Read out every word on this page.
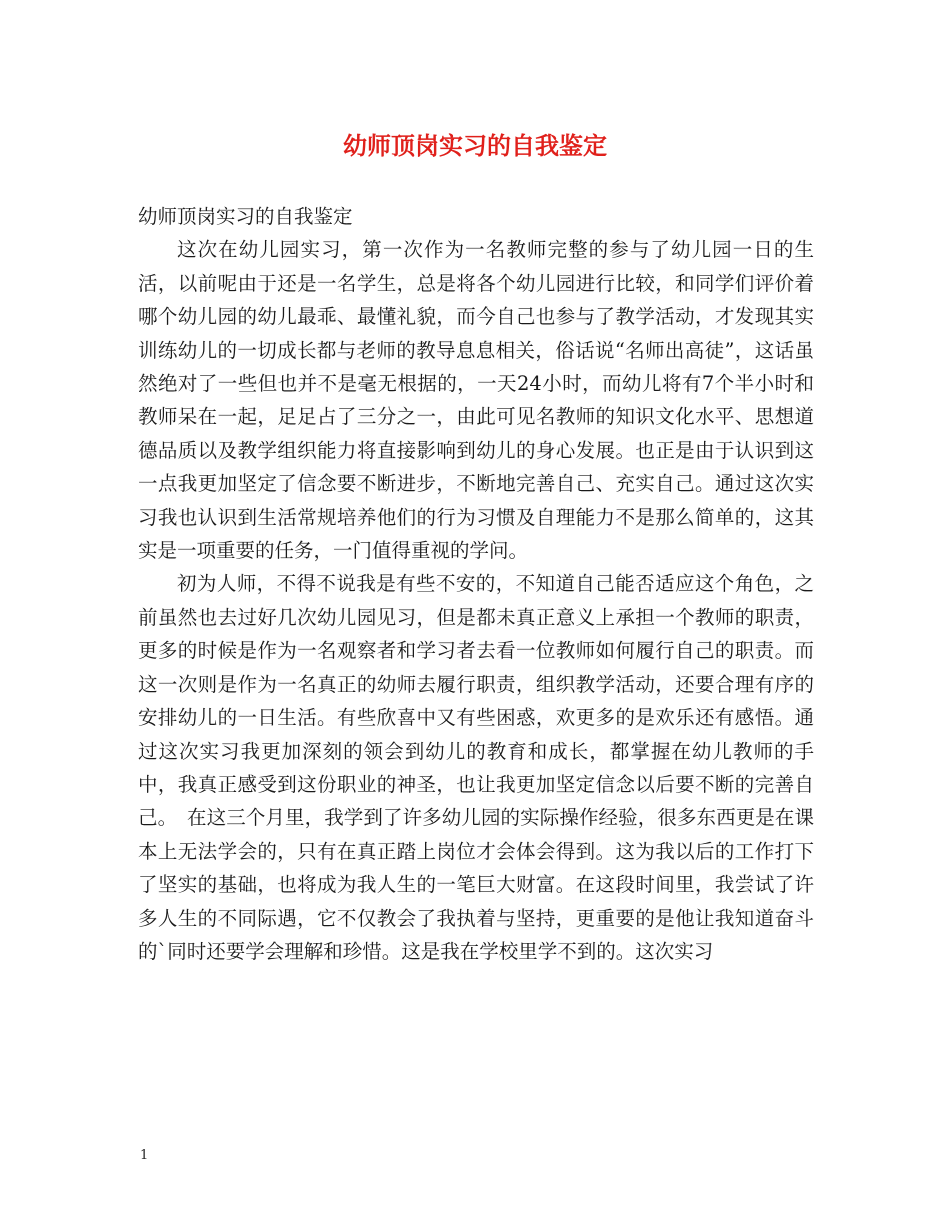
幼师顶岗实习的自我鉴定

幼师顶岗实习的自我鉴定

这次在幼儿园实习，第一次作为一名教师完整的参与了幼儿园一日的生活，以前呢由于还是一名学生，总是将各个幼儿园进行比较，和同学们评价着哪个幼儿园的幼儿最乖、最懂礼貌，而今自己也参与了教学活动，才发现其实训练幼儿的一切成长都与老师的教导息息相关，俗话说“名师出高徒”，这话虽然绝对了一些但也并不是毫无根据的，一天24小时，而幼儿将有7个半小时和教师呆在一起，足足占了三分之一，由此可见名教师的知识文化水平、思想道德品质以及教学组织能力将直接影响到幼儿的身心发展。也正是由于认识到这一点我更加坚定了信念要不断进步，不断地完善自己、充实自己。通过这次实习我也认识到生活常规培养他们的行为习惯及自理能力不是那么简单的，这其实是一项重要的任务，一门值得重视的学问。

初为人师，不得不说我是有些不安的，不知道自己能否适应这个角色，之前虽然也去过好几次幼儿园见习，但是都未真正意义上承担一个教师的职责，更多的时候是作为一名观察者和学习者去看一位教师如何履行自己的职责。而这一次则是作为一名真正的幼师去履行职责，组织教学活动，还要合理有序的安排幼儿的一日生活。有些欣喜中又有些困惑，欢更多的是欢乐还有感悟。通过这次实习我更加深刻的领会到幼儿的教育和成长，都掌握在幼儿教师的手中，我真正感受到这份职业的神圣，也让我更加坚定信念以后要不断的完善自己。　在这三个月里，我学到了许多幼儿园的实际操作经验，很多东西更是在课本上无法学会的，只有在真正踏上岗位才会体会得到。这为我以后的工作打下了坚实的基础，也将成为我人生的一笔巨大财富。在这段时间里，我尝试了许多人生的不同际遇，它不仅教会了我执着与坚持，更重要的是他让我知道奋斗的`同时还要学会理解和珍惜。这是我在学校里学不到的。这次实习

1
